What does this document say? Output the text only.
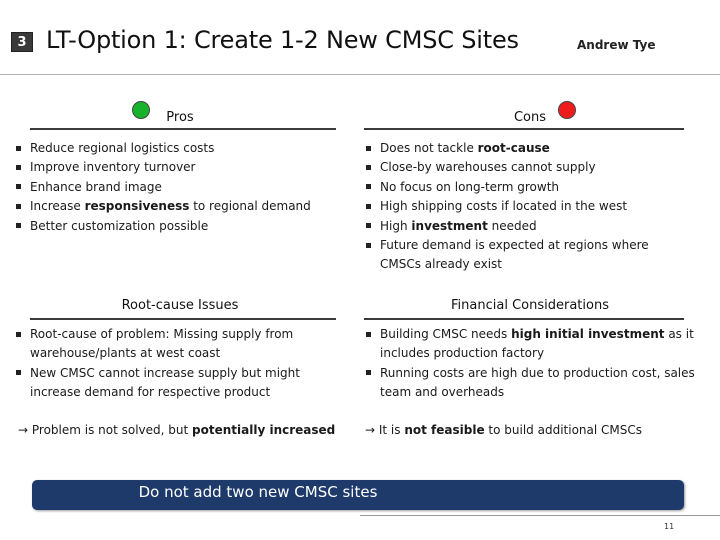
3 LT-Option 1: Create 1-2 New CMSC Sites	Andrew Tye
Pros
Reduce regional logistics costs
Improve inventory turnover
Enhance brand image
Increase responsiveness to regional demand
Better customization possible
Cons
Does not tackle root-cause
Close-by warehouses cannot supply
No focus on long-term growth
High shipping costs if located in the west
High investment needed
Future demand is expected at regions where CMSCs already exist
Root-cause Issues
Root-cause of problem: Missing supply from warehouse/plants at west coast
New CMSC cannot increase supply but might increase demand for respective product
→ Problem is not solved, but potentially increased
Financial Considerations
Building CMSC needs high initial investment as it includes production factory
Running costs are high due to production cost, sales team and overheads
→ It is not feasible to build additional CMSCs
Do not add two new CMSC sites
11
